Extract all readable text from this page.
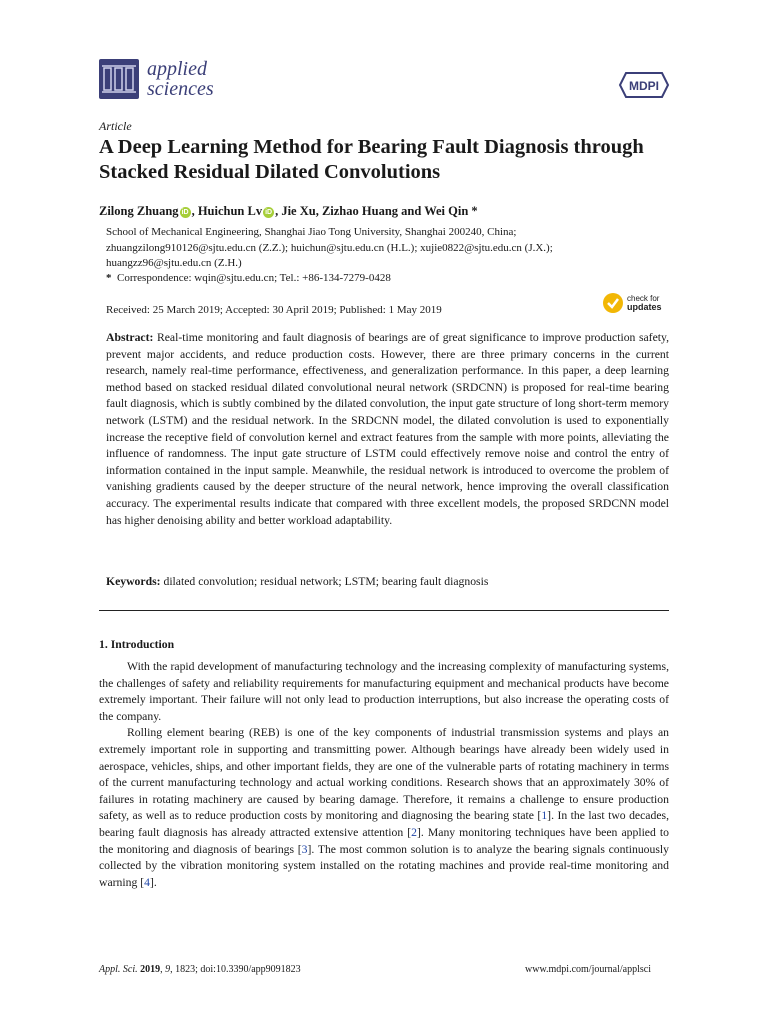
applied
sciences	MDPI
Article
A Deep Learning Method for Bearing Fault Diagnosis through Stacked Residual Dilated Convolutions
Zilong Zhuang iD , Huichun Lv iD , Jie Xu, Zizhao Huang and Wei Qin *
School of Mechanical Engineering, Shanghai Jiao Tong University, Shanghai 200240, China;
zhuangzilong910126@sjtu.edu.cn (Z.Z.); huichun@sjtu.edu.cn (H.L.); xujie0822@sjtu.edu.cn (J.X.);
huangzz96@sjtu.edu.cn (Z.H.)
* Correspondence: wqin@sjtu.edu.cn; Tel.: +86-134-7279-0428
Received: 25 March 2019; Accepted: 30 April 2019; Published: 1 May 2019
check for
updates
Abstract: Real-time monitoring and fault diagnosis of bearings are of great significance to improve production safety, prevent major accidents, and reduce production costs. However, there are three primary concerns in the current research, namely real-time performance, effectiveness, and generalization performance. In this paper, a deep learning method based on stacked residual dilated convolutional neural network (SRDCNN) is proposed for real-time bearing fault diagnosis, which is subtly combined by the dilated convolution, the input gate structure of long short-term memory network (LSTM) and the residual network. In the SRDCNN model, the dilated convolution is used to exponentially increase the receptive field of convolution kernel and extract features from the sample with more points, alleviating the influence of randomness. The input gate structure of LSTM could effectively remove noise and control the entry of information contained in the input sample. Meanwhile, the residual network is introduced to overcome the problem of vanishing gradients caused by the deeper structure of the neural network, hence improving the overall classification accuracy. The experimental results indicate that compared with three excellent models, the proposed SRDCNN model has higher denoising ability and better workload adaptability.
Keywords: dilated convolution; residual network; LSTM; bearing fault diagnosis
1. Introduction

With the rapid development of manufacturing technology and the increasing complexity of manufacturing systems, the challenges of safety and reliability requirements for manufacturing equipment and mechanical products have become extremely important. Their failure will not only lead to production interruptions, but also increase the operating costs of the company.

Rolling element bearing (REB) is one of the key components of industrial transmission systems and plays an extremely important role in supporting and transmitting power. Although bearings have already been widely used in aerospace, vehicles, ships, and other important fields, they are one of the vulnerable parts of rotating machinery in terms of the current manufacturing technology and actual working conditions. Research shows that an approximately 30% of failures in rotating machinery are caused by bearing damage. Therefore, it remains a challenge to ensure production safety, as well as to reduce production costs by monitoring and diagnosing the bearing state [1]. In the last two decades, bearing fault diagnosis has already attracted extensive attention [2]. Many monitoring techniques have been applied to the monitoring and diagnosis of bearings [3]. The most common solution is to analyze the bearing signals continuously collected by the vibration monitoring system installed on the rotating machines and provide real-time monitoring and warning [4].

Appl. Sci. 2019, 9, 1823; doi:10.3390/app9091823	www.mdpi.com/journal/applsci
